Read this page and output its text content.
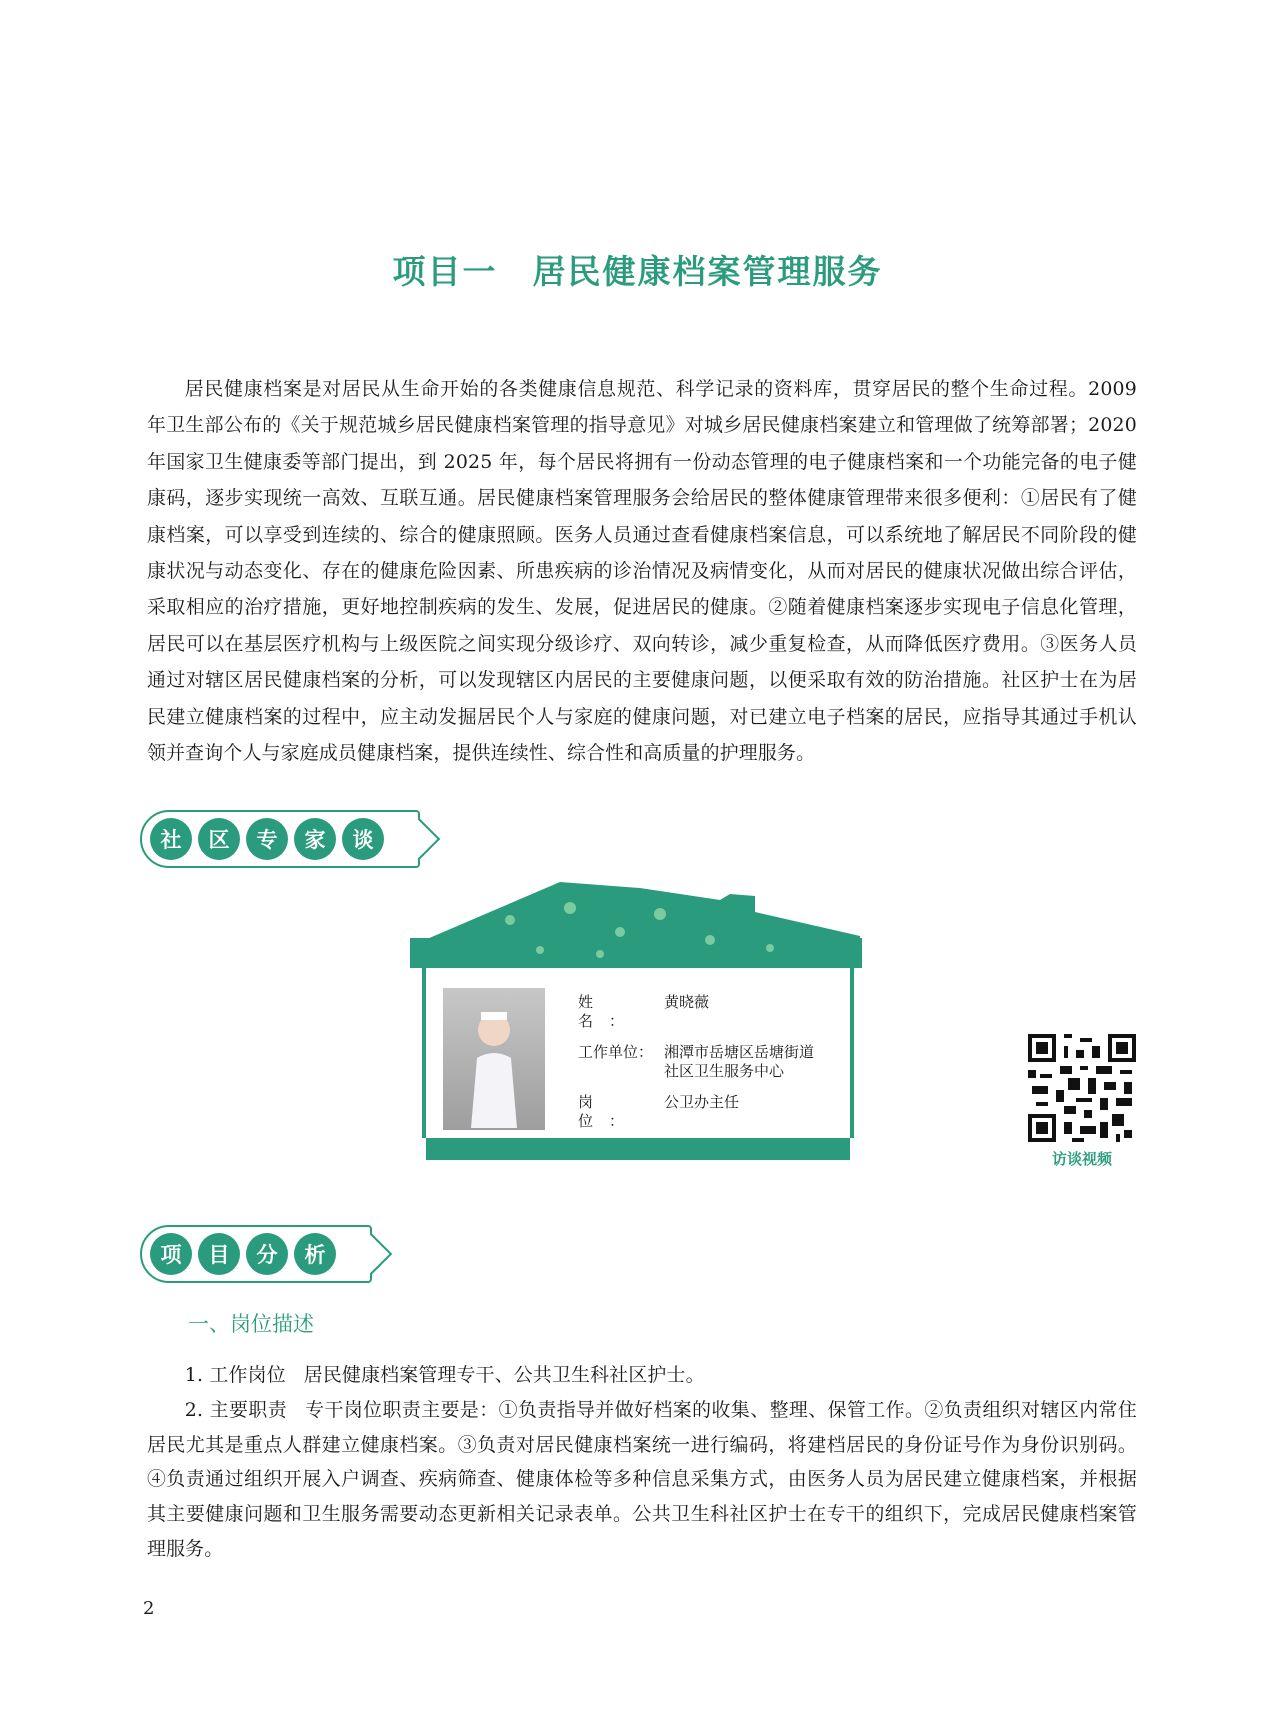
项目一　居民健康档案管理服务

居民健康档案是对居民从生命开始的各类健康信息规范、科学记录的资料库，贯穿居民的整个生命过程。2009 年卫生部公布的《关于规范城乡居民健康档案管理的指导意见》对城乡居民健康档案建立和管理做了统筹部署；2020 年国家卫生健康委等部门提出，到 2025 年，每个居民将拥有一份动态管理的电子健康档案和一个功能完备的电子健康码，逐步实现统一高效、互联互通。居民健康档案管理服务会给居民的整体健康管理带来很多便利：①居民有了健康档案，可以享受到连续的、综合的健康照顾。医务人员通过查看健康档案信息，可以系统地了解居民不同阶段的健康状况与动态变化、存在的健康危险因素、所患疾病的诊治情况及病情变化，从而对居民的健康状况做出综合评估，采取相应的治疗措施，更好地控制疾病的发生、发展，促进居民的健康。②随着健康档案逐步实现电子信息化管理，居民可以在基层医疗机构与上级医院之间实现分级诊疗、双向转诊，减少重复检查，从而降低医疗费用。③医务人员通过对辖区居民健康档案的分析，可以发现辖区内居民的主要健康问题，以便采取有效的防治措施。社区护士在为居民建立健康档案的过程中，应主动发掘居民个人与家庭的健康问题，对已建立电子档案的居民，应指导其通过手机认领并查询个人与家庭成员健康档案，提供连续性、综合性和高质量的护理服务。

社	区	专	家	谈
姓名：
黄晓薇
工作单位： 湘潭市岳塘区岳塘街道
社区卫生服务中心
岗位：
公卫办主任
访谈视频
项	目	分	析
一、岗位描述

1. 工作岗位 居民健康档案管理专干、公共卫生科社区护士。

2. 主要职责 专干岗位职责主要是：①负责指导并做好档案的收集、整理、保管工作。②负责组织对辖区内常住居民尤其是重点人群建立健康档案。③负责对居民健康档案统一进行编码，将建档居民的身份证号作为身份识别码。④负责通过组织开展入户调查、疾病筛查、健康体检等多种信息采集方式，由医务人员为居民建立健康档案，并根据其主要健康问题和卫生服务需要动态更新相关记录表单。公共卫生科社区护士在专干的组织下，完成居民健康档案管理服务。

2
